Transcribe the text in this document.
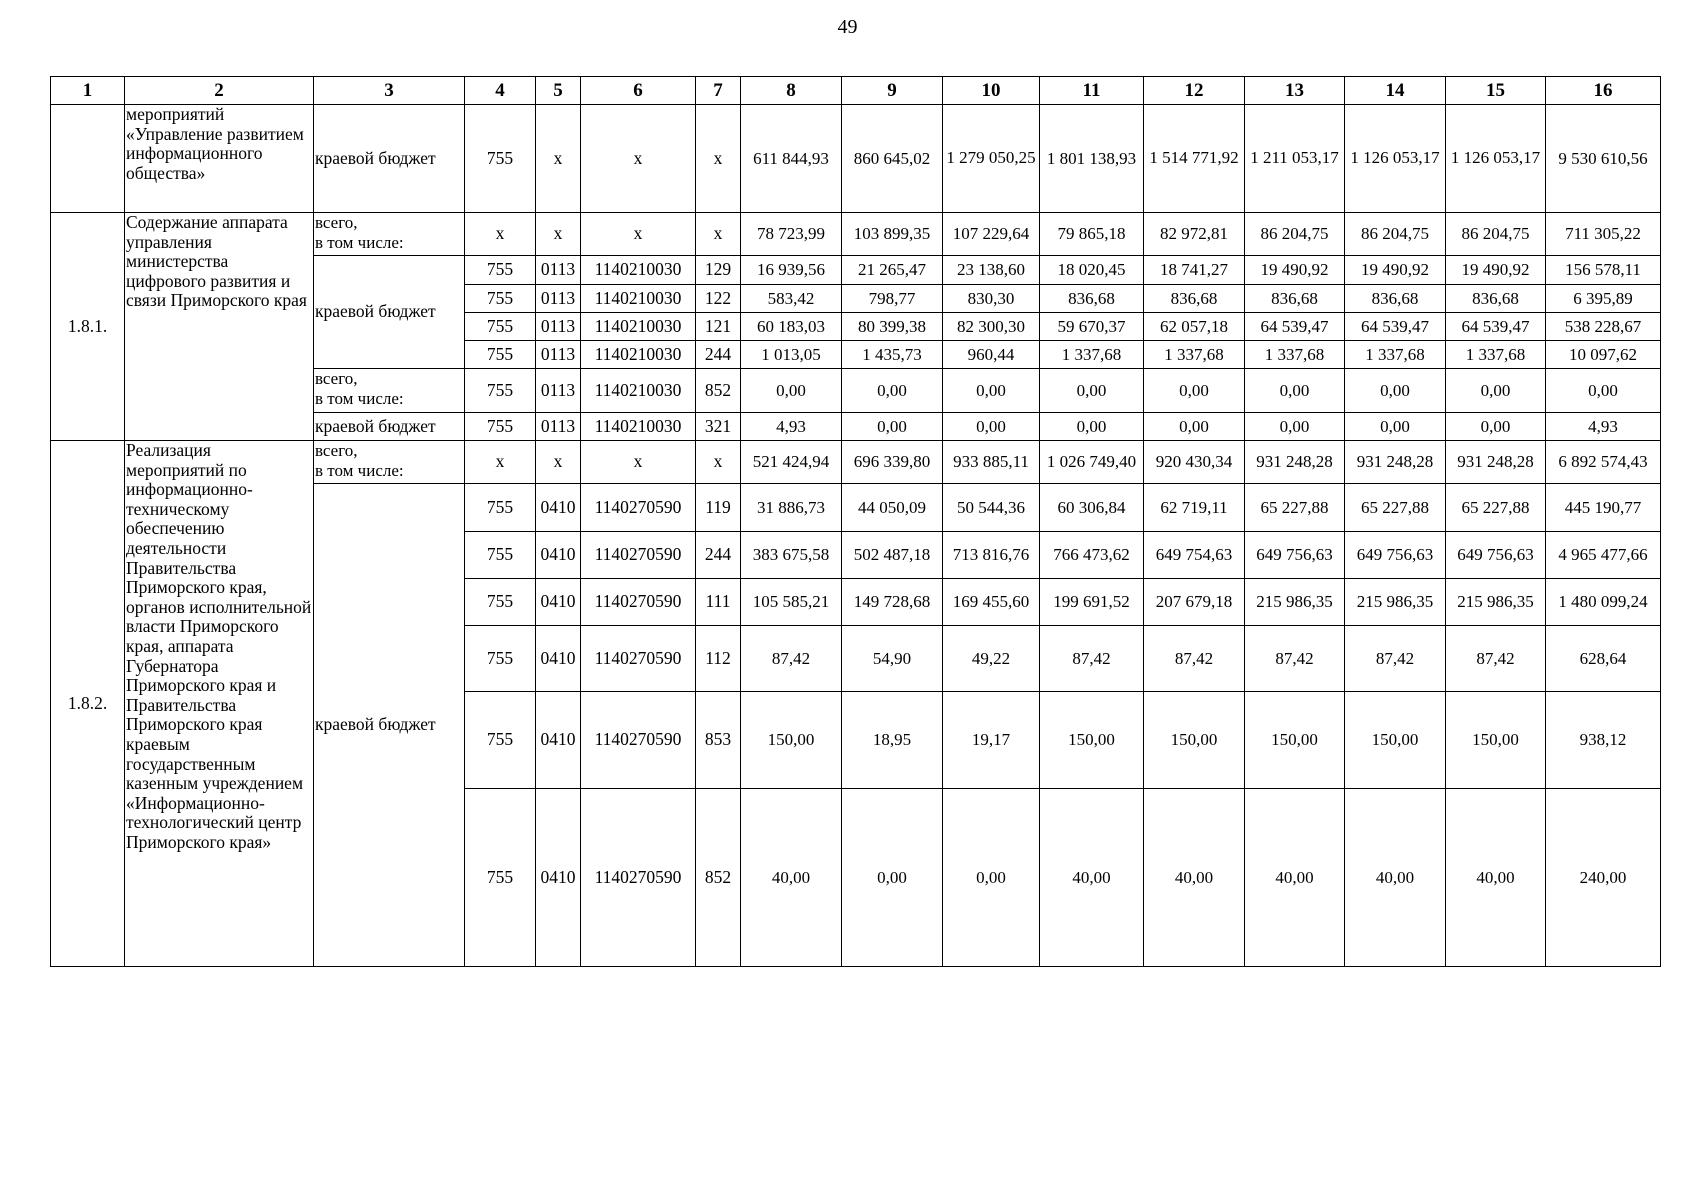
49
1	2	3	4	5	6	7	8	9	10	11	12	13	14	15	16
	мероприятий «Управление развитием информационного общества»	краевой бюджет	755	х	х	х	611 844,93	860 645,02	1 279 050,25	1 801 138,93	1 514 771,92	1 211 053,17	1 126 053,17	1 126 053,17	9 530 610,56
1.8.1.	Содержание аппарата управления министерства цифрового развития и связи Приморского края	всего,
в том числе:	х	х	х	х	78 723,99	103 899,35	107 229,64	79 865,18	82 972,81	86 204,75	86 204,75	86 204,75	711 305,22
		краевой бюджет	755	0113	1140210030	129	16 939,56	21 265,47	23 138,60	18 020,45	18 741,27	19 490,92	19 490,92	19 490,92	156 578,11
			755	0113	1140210030	122	583,42	798,77	830,30	836,68	836,68	836,68	836,68	836,68	6 395,89
			755	0113	1140210030	121	60 183,03	80 399,38	82 300,30	59 670,37	62 057,18	64 539,47	64 539,47	64 539,47	538 228,67
			755	0113	1140210030	244	1 013,05	1 435,73	960,44	1 337,68	1 337,68	1 337,68	1 337,68	1 337,68	10 097,62
		всего,
в том числе:	755	0113	1140210030	852	0,00	0,00	0,00	0,00	0,00	0,00	0,00	0,00	0,00
		краевой бюджет	755	0113	1140210030	321	4,93	0,00	0,00	0,00	0,00	0,00	0,00	0,00	4,93
1.8.2.	Реализация мероприятий по информационно-техническому обеспечению деятельности Правительства Приморского края, органов исполнительной власти Приморского края, аппарата Губернатора Приморского края и Правительства Приморского края краевым государственным казенным учреждением «Информационно-технологический центр Приморского края»	всего,
в том числе:	х	х	х	х	521 424,94	696 339,80	933 885,11	1 026 749,40	920 430,34	931 248,28	931 248,28	931 248,28	6 892 574,43
		краевой бюджет	755	0410	1140270590	119	31 886,73	44 050,09	50 544,36	60 306,84	62 719,11	65 227,88	65 227,88	65 227,88	445 190,77
			755	0410	1140270590	244	383 675,58	502 487,18	713 816,76	766 473,62	649 754,63	649 756,63	649 756,63	649 756,63	4 965 477,66
			755	0410	1140270590	111	105 585,21	149 728,68	169 455,60	199 691,52	207 679,18	215 986,35	215 986,35	215 986,35	1 480 099,24
			755	0410	1140270590	112	87,42	54,90	49,22	87,42	87,42	87,42	87,42	87,42	628,64
			755	0410	1140270590	853	150,00	18,95	19,17	150,00	150,00	150,00	150,00	150,00	938,12
			755	0410	1140270590	852	40,00	0,00	0,00	40,00	40,00	40,00	40,00	40,00	240,00
